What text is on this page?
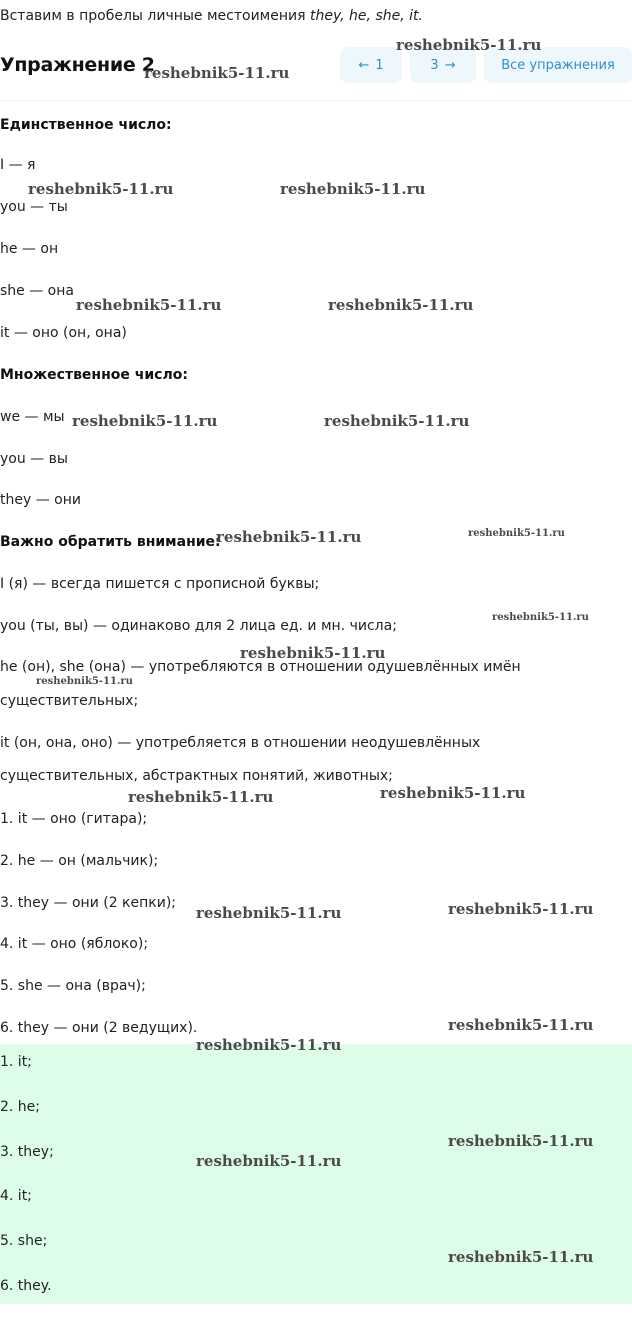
Вставим в пробелы личные местоимения they, he, she, it.
Упражнение 2	← 1	3 →	Все упражнения
Единственное число:
I — я
you — ты
he — он
she — она
it — оно (он, она)
Множественное число:
we — мы
you — вы
they — они
Важно обратить внимание:
I (я) — всегда пишется с прописной буквы;
you (ты, вы) — одинаково для 2 лица ед. и мн. числа;
he (он), she (она) — употребляются в отношении одушевлённых имён
существительных;
it (он, она, оно) — употребляется в отношении неодушевлённых
существительных, абстрактных понятий, животных;
1. it — оно (гитара);
2. he — он (мальчик);
3. they — они (2 кепки);
4. it — оно (яблоко);
5. she — она (врач);
6. they — они (2 ведущих).
1. it;
2. he;
3. they;
4. it;
5. she;
6. they.
reshebnik5-11.ru
reshebnik5-11.ru
reshebnik5-11.ru	reshebnik5-11.ru
reshebnik5-11.ru	reshebnik5-11.ru
reshebnik5-11.ru	reshebnik5-11.ru
reshebnik5-11.ru	reshebnik5-11.ru
reshebnik5-11.ru
reshebnik5-11.ru
reshebnik5-11.ru
reshebnik5-11.ru	reshebnik5-11.ru
reshebnik5-11.ru	reshebnik5-11.ru
reshebnik5-11.ru
reshebnik5-11.ru
reshebnik5-11.ru
reshebnik5-11.ru
reshebnik5-11.ru
